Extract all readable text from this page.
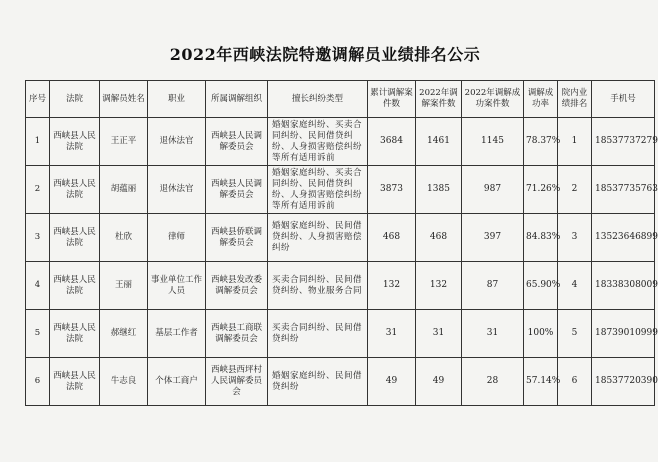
2022年西峡法院特邀调解员业绩排名公示
序号	法院	调解员姓名	职业	所属调解组织	擅长纠纷类型	累计调解案件数	2022年调解案件数	2022年调解成功案件数	调解成功率	院内业绩排名	手机号
1	西峡县人民法院	王正平	退休法官	西峡县人民调解委员会	婚姻家庭纠纷、买卖合同纠纷、民间借贷纠纷、人身损害赔偿纠纷等所有适用诉前	3684	1461	1145	78.37%	1	18537737279
2	西峡县人民法院	胡蕴丽	退休法官	西峡县人民调解委员会	婚姻家庭纠纷、买卖合同纠纷、民间借贷纠纷、人身损害赔偿纠纷等所有适用诉前	3873	1385	987	71.26%	2	18537735763
3	西峡县人民法院	杜欣	律师	西峡县侨联调解委员会	婚姻家庭纠纷、民间借贷纠纷、人身损害赔偿纠纷	468	468	397	84.83%	3	13523646899
4	西峡县人民法院	王丽	事业单位工作人员	西峡县发改委调解委员会	买卖合同纠纷、民间借贷纠纷、物业服务合同	132	132	87	65.90%	4	18338308009
5	西峡县人民法院	郝继红	基层工作者	西峡县工商联调解委员会	买卖合同纠纷、民间借贷纠纷	31	31	31	100%	5	18739010999
6	西峡县人民法院	牛志良	个体工商户	西峡县西坪村人民调解委员会	婚姻家庭纠纷、民间借贷纠纷	49	49	28	57.14%	6	18537720390
